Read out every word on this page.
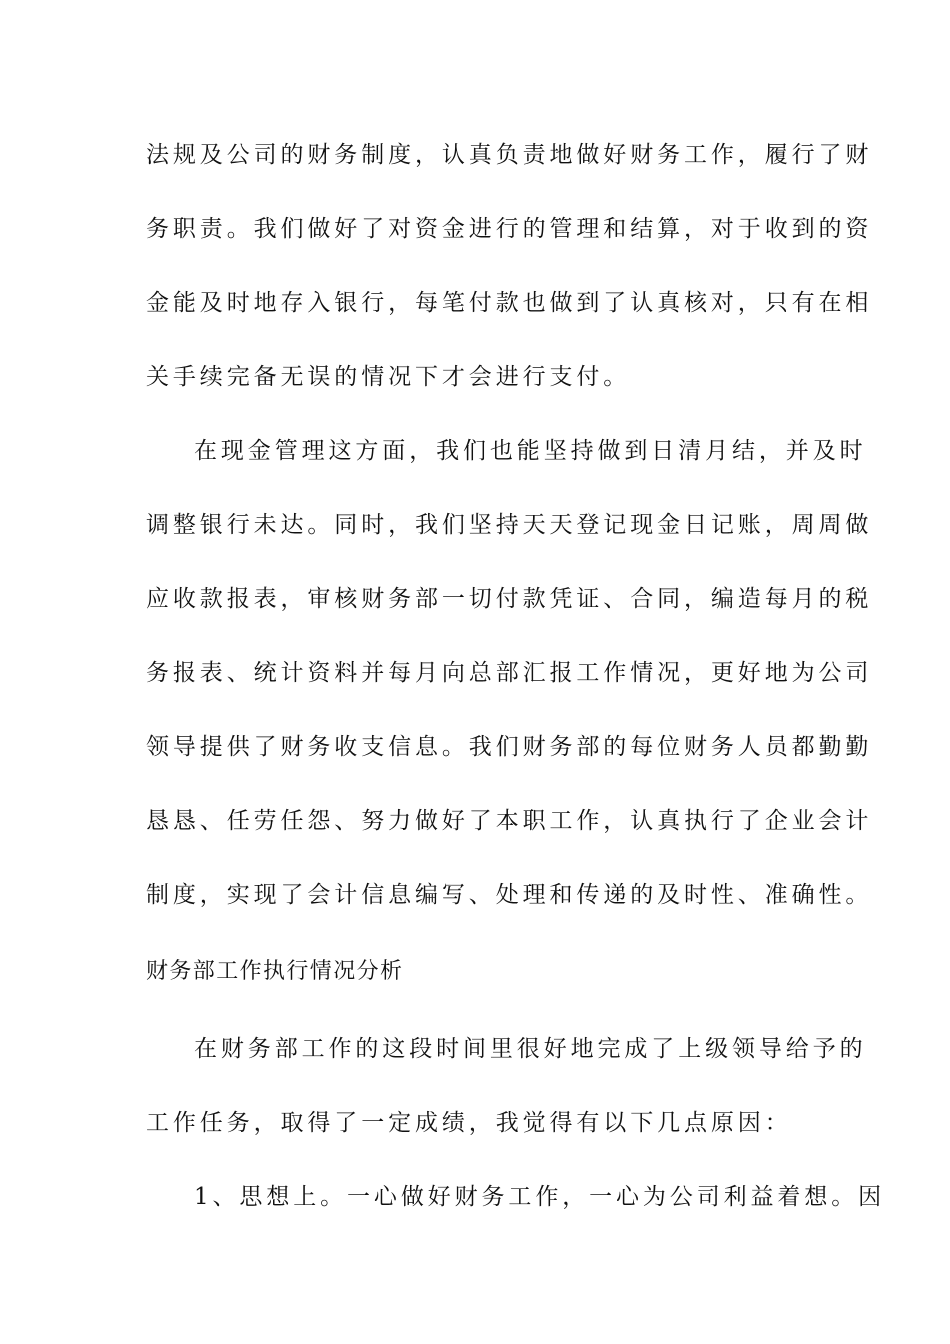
法规及公司的财务制度，认真负责地做好财务工作，履行了财
务职责。我们做好了对资金进行的管理和结算，对于收到的资
金能及时地存入银行，每笔付款也做到了认真核对，只有在相
关手续完备无误的情况下才会进行支付。
在现金管理这方面，我们也能坚持做到日清月结，并及时
调整银行未达。同时，我们坚持天天登记现金日记账，周周做
应收款报表，审核财务部一切付款凭证、合同，编造每月的税
务报表、统计资料并每月向总部汇报工作情况，更好地为公司
领导提供了财务收支信息。我们财务部的每位财务人员都勤勤
恳恳、任劳任怨、努力做好了本职工作，认真执行了企业会计
制度，实现了会计信息编写、处理和传递的及时性、准确性。
财务部工作执行情况分析
在财务部工作的这段时间里很好地完成了上级领导给予的
工作任务，取得了一定成绩，我觉得有以下几点原因：
1、思想上。一心做好财务工作，一心为公司利益着想。因
